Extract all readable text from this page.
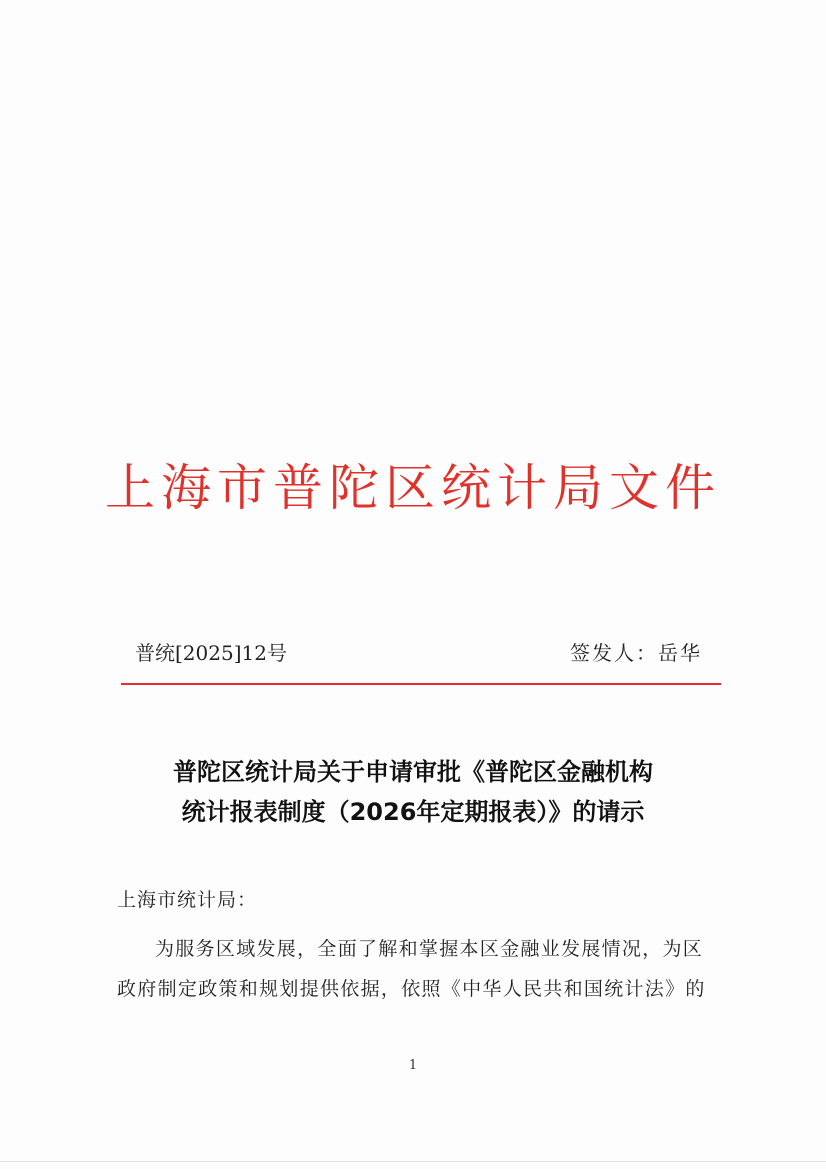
上海市普陀区统计局文件
普统[2025]12号	签发人：岳华
普陀区统计局关于申请审批《普陀区金融机构
统计报表制度（2026年定期报表）》的请示
上海市统计局：
为服务区域发展，全面了解和掌握本区金融业发展情况，为区
政府制定政策和规划提供依据，依照《中华人民共和国统计法》的
1
